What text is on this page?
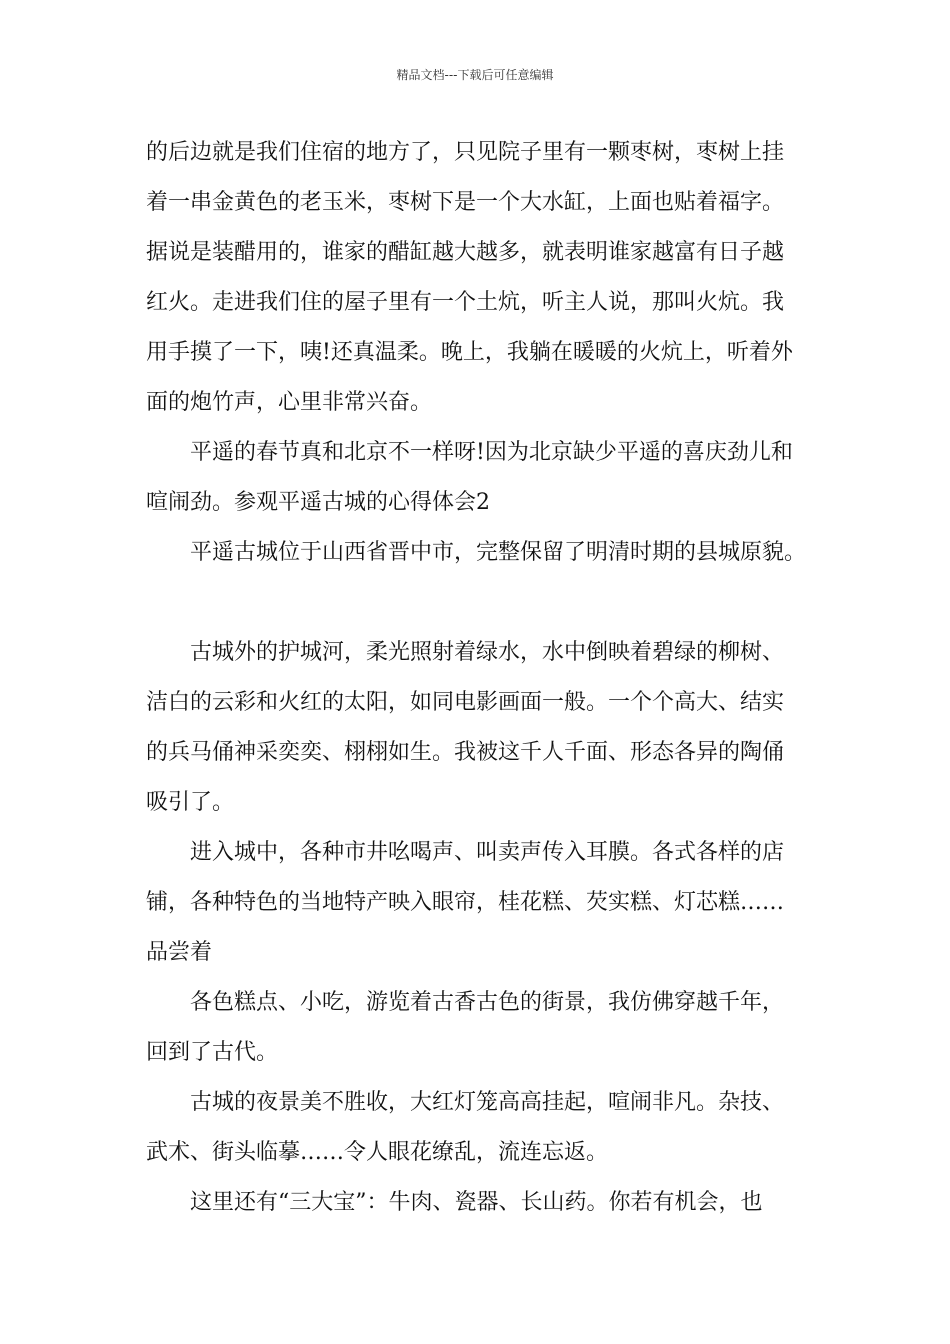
精品文档---下载后可任意编辑

的后边就是我们住宿的地方了，只见院子里有一颗枣树，枣树上挂
着一串金黄色的老玉米，枣树下是一个大水缸，上面也贴着福字。
据说是装醋用的，谁家的醋缸越大越多，就表明谁家越富有日子越
红火。走进我们住的屋子里有一个土炕，听主人说，那叫火炕。我
用手摸了一下，咦!还真温柔。晚上，我躺在暖暖的火炕上，听着外
面的炮竹声，心里非常兴奋。

平遥的春节真和北京不一样呀!因为北京缺少平遥的喜庆劲儿和
喧闹劲。参观平遥古城的心得体会2

平遥古城位于山西省晋中市，完整保留了明清时期的县城原貌。

古城外的护城河，柔光照射着绿水，水中倒映着碧绿的柳树、
洁白的云彩和火红的太阳，如同电影画面一般。一个个高大、结实
的兵马俑神采奕奕、栩栩如生。我被这千人千面、形态各异的陶俑
吸引了。

进入城中，各种市井吆喝声、叫卖声传入耳膜。各式各样的店
铺，各种特色的当地特产映入眼帘，桂花糕、芡实糕、灯芯糕……
品尝着

各色糕点、小吃，游览着古香古色的街景，我仿佛穿越千年，
回到了古代。

古城的夜景美不胜收，大红灯笼高高挂起，喧闹非凡。杂技、
武术、街头临摹……令人眼花缭乱，流连忘返。

这里还有“三大宝”：牛肉、瓷器、长山药。你若有机会，也
